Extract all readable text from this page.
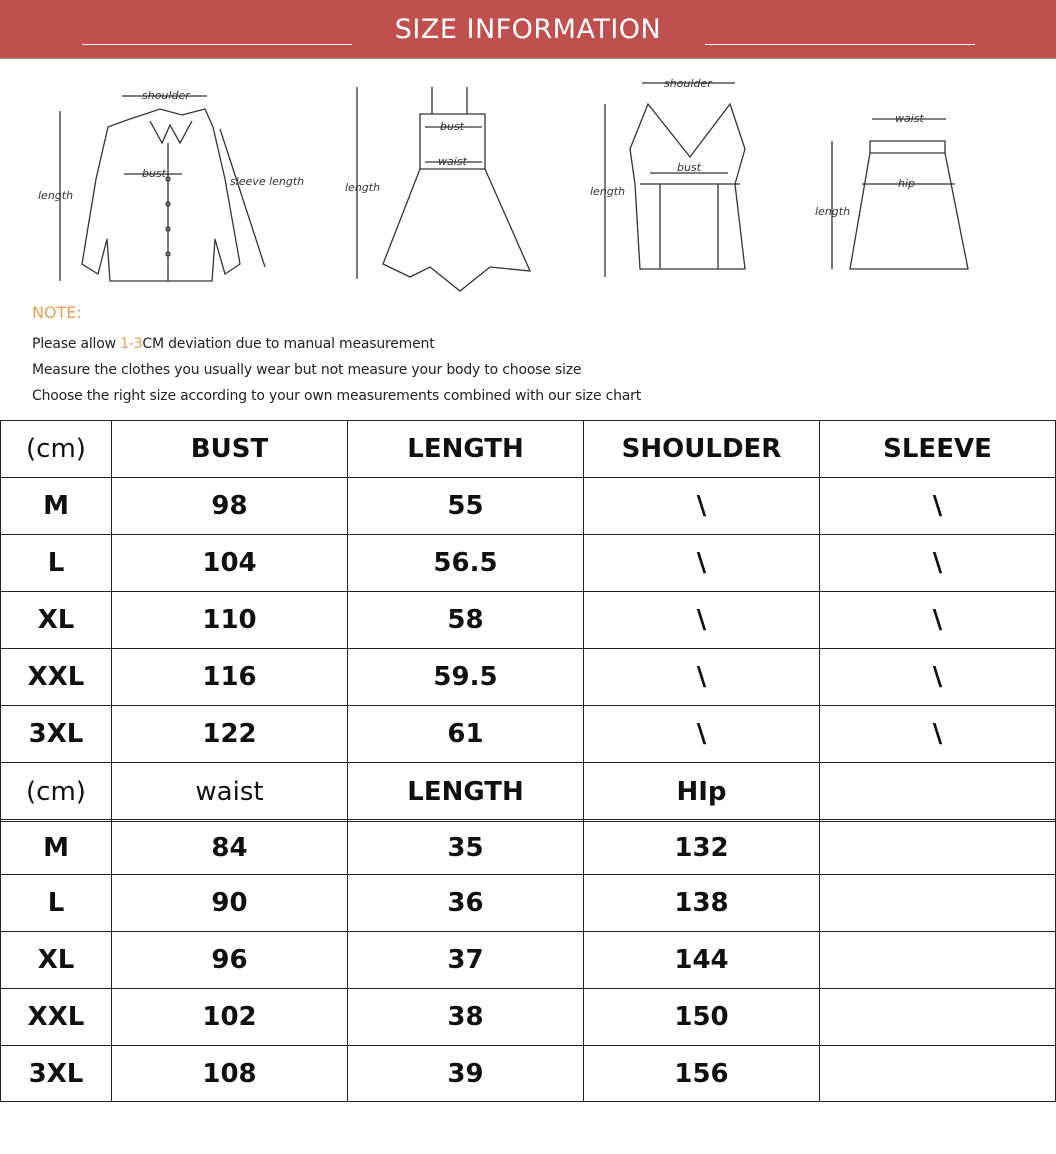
SIZE INFORMATION
shoulder
bust
length
sleeve length
bust
waist
length
shoulder
bust
length
waist
hip
length
NOTE:
Please allow 1-3CM deviation due to manual measurement
Measure the clothes you usually wear but not measure your body to choose size
Choose the right size according to your own measurements combined with our size chart
(cm)	BUST	LENGTH	SHOULDER	SLEEVE
M	98	55	\	\
L	104	56.5	\	\
XL	110	58	\	\
XXL	116	59.5	\	\
3XL	122	61	\	\

(cm)	waist	LENGTH	HIp	
M	84	35	132	
L	90	36	138	
XL	96	37	144	
XXL	102	38	150	
3XL	108	39	156	
